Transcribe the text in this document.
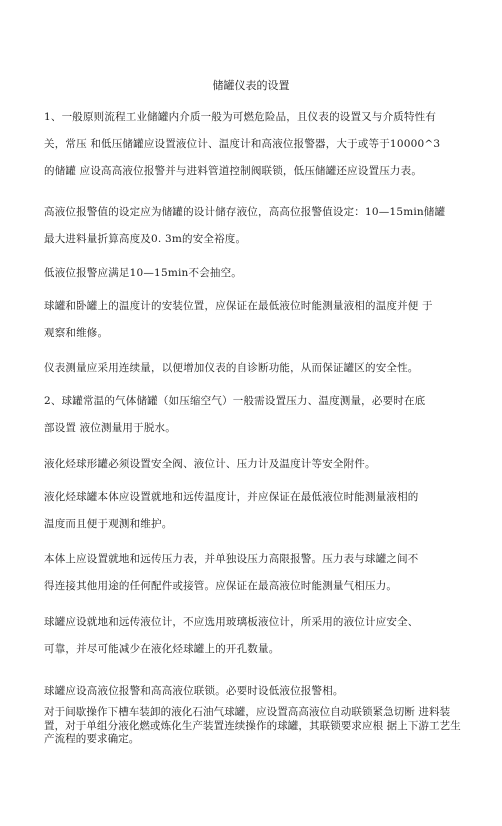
储罐仪表的设置
1、一般原则流程工业储罐内介质一般为可燃危险品，且仪表的设置又与介质特性有
关，常压 和低压储罐应设置液位计、温度计和高液位报警器，大于或等于10000^3
的储罐 应设高高液位报警并与进料管道控制阀联锁，低压储罐还应设置压力表。
高液位报警值的设定应为储罐的设计储存液位，高高位报警值设定：10—15min储罐
最大进料量折算高度及0. 3m的安全裕度。
低液位报警应满足10—15min不会抽空。
球罐和卧罐上的温度计的安装位置，应保证在最低液位时能测量液相的温度并便 于
观察和维修。
仪表测量应采用连续量，以便增加仪表的自诊断功能，从而保证罐区的安全性。
2、球罐常温的气体储罐（如压缩空气）一般需设置压力、温度测量，必要时在底
部设置 液位测量用于脱水。
液化烃球形罐必须设置安全阀、液位计、压力计及温度计等安全附件。
液化烃球罐本体应设置就地和远传温度计，并应保证在最低液位时能测量液相的
温度而且便于观测和维护。
本体上应设置就地和远传压力表，并单独设压力高限报警。压力表与球罐之间不
得连接其他用途的任何配件或接管。应保证在最高液位时能测量气相压力。
球罐应设就地和远传液位计，不应选用玻璃板液位计，所采用的液位计应安全、
可靠，并尽可能减少在液化烃球罐上的开孔数量。
球罐应设高液位报警和高高液位联锁。必要时设低液位报警相。
对于间歇操作下槽车装卸的液化石油气球罐，应设置高高液位自动联锁紧急切断 进料装置，对于单组分液化燃或炼化生产装置连续操作的球罐，其联锁要求应根 据上下游工艺生产流程的要求确定。
